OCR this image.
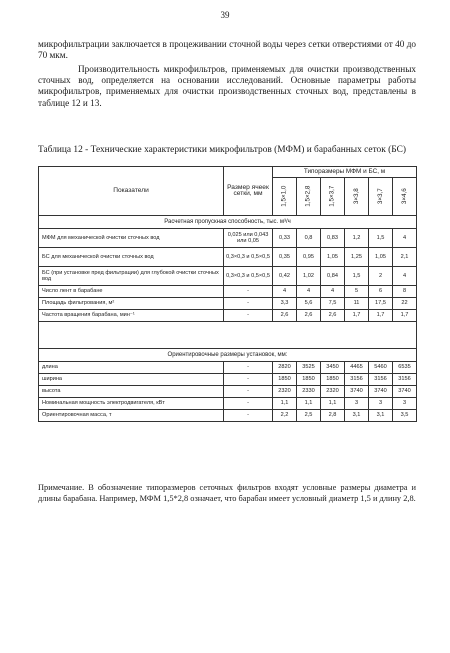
39
микрофильтрации заключается в процеживании сточной воды через сетки отверстиями от 40 до 70 мкм.
Производительность микрофильтров, применяемых для очистки производственных сточных вод, определяется на основании исследований. Основные параметры работы микрофильтров, применяемых для очистки производственных сточных вод, представлены в таблице 12 и 13.
Таблица 12 - Технические характеристики микрофильтров (МФМ) и барабанных сеток (БС)
Показатели	Размер ячеек сетки, мм	Типоразмеры МФМ и БС, м					
		1,5×1,0	1,5×2,8	1,5×3,7	3×3,8	3×3,7	3×4,6
Расчетная пропускная способность, тыс. м³/ч							
МФМ для механической очистки сточных вод	0,025 или 0,043 или 0,05	0,33	0,8	0,83	1,2	1,5	4
БС для механической очистки сточных вод	0,3×0,3 и 0,5×0,5	0,35	0,95	1,05	1,25	1,05	2,1
БС (при установке пред фильтрации) для глубокой очистки сточных вод	0,3×0,3 и 0,5×0,5	0,42	1,02	0,84	1,5	2	4
Число лент в барабане	-	4	4	4	5	6	8
Площадь фильтрования, м²	-	3,3	5,6	7,5	11	17,5	22
Частота вращения барабана, мин⁻¹	-	2,6	2,6	2,6	1,7	1,7	1,7

Ориентировочные размеры установок, мм:							
длина	-	2820	3525	3450	4465	5460	6535
ширина	-	1850	1850	1850	3156	3156	3156
высота	-	2320	2330	2320	3740	3740	3740
Номинальная мощность электродвигателя, кВт	-	1,1	1,1	1,1	3	3	3
Ориентировочная масса, т	-	2,2	2,5	2,8	3,1	3,1	3,5
Примечание. В обозначение типоразмеров сеточных фильтров входят условные размеры диаметра и длины барабана. Например, МФМ 1,5*2,8 означает, что барабан имеет условный диаметр 1,5 и длину 2,8.
